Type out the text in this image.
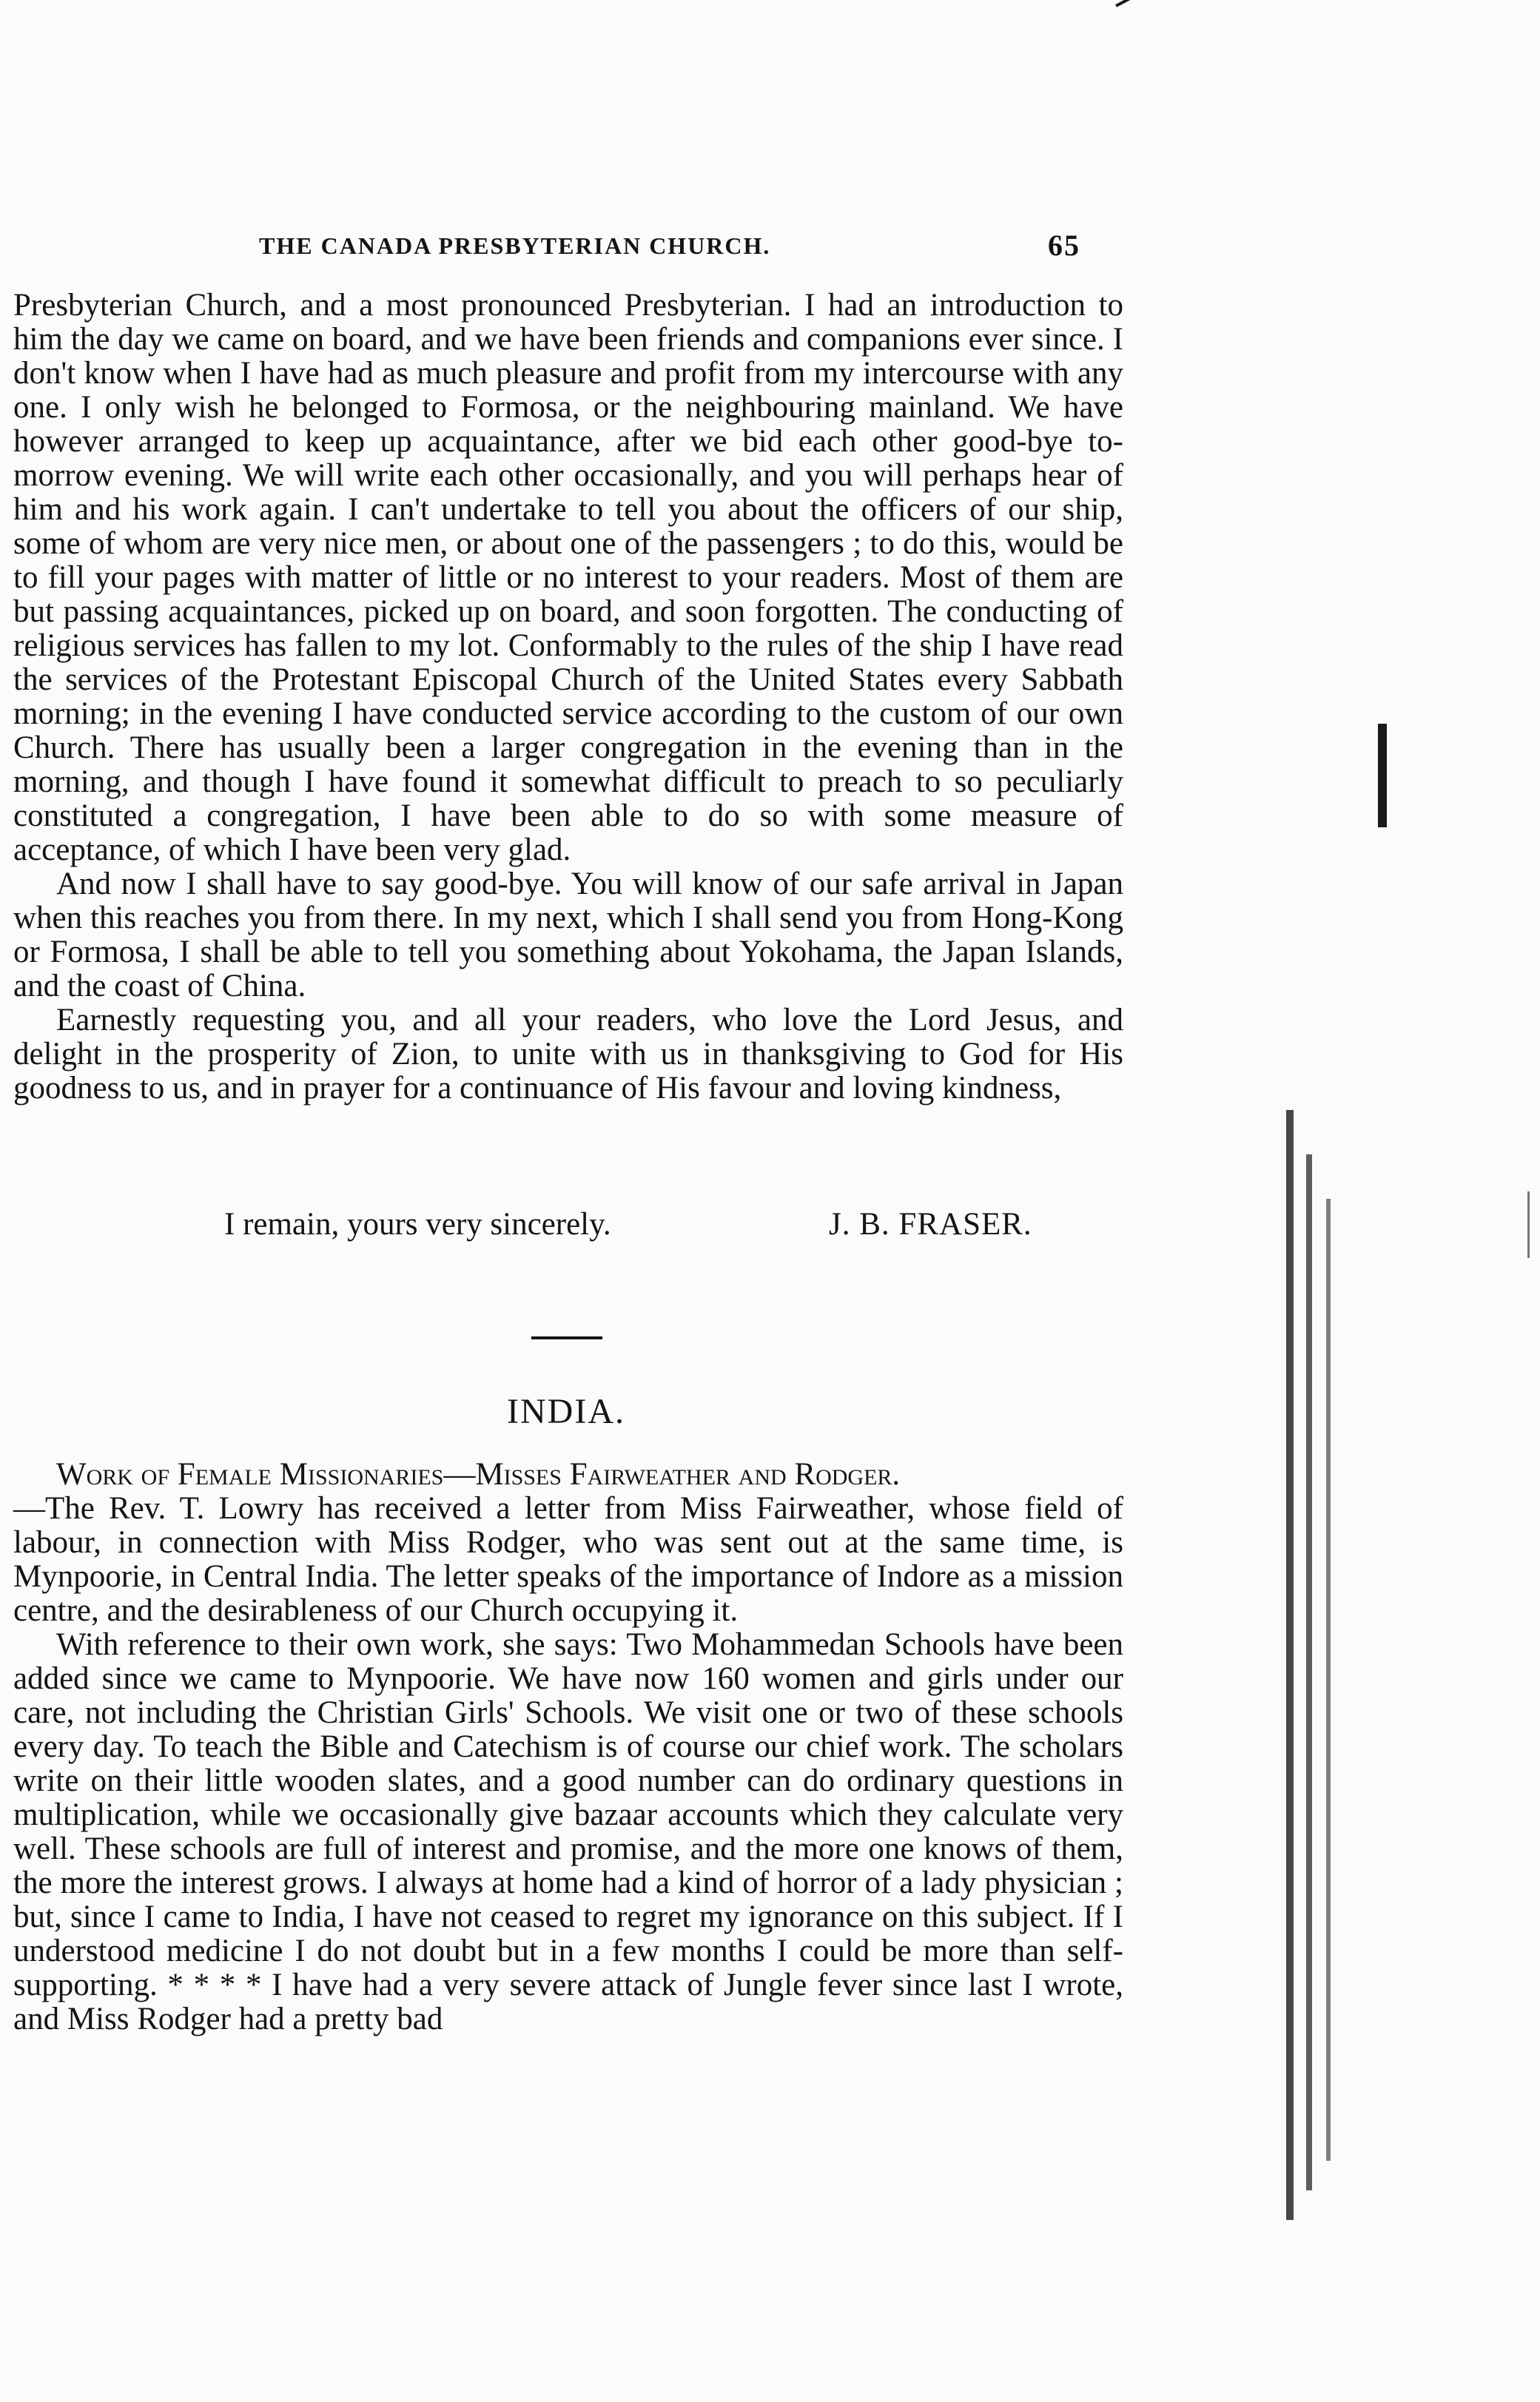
THE CANADA PRESBYTERIAN CHURCH.	65

Presbyterian Church, and a most pronounced Presbyterian. I had an introduction to him the day we came on board, and we have been friends and companions ever since. I don't know when I have had as much pleasure and profit from my intercourse with any one. I only wish he belonged to Formosa, or the neighbouring mainland. We have however arranged to keep up acquaintance, after we bid each other good-bye to-morrow evening. We will write each other occasionally, and you will perhaps hear of him and his work again. I can't undertake to tell you about the officers of our ship, some of whom are very nice men, or about one of the passengers ; to do this, would be to fill your pages with matter of little or no interest to your readers. Most of them are but passing acquaintances, picked up on board, and soon forgotten. The conducting of religious services has fallen to my lot. Conformably to the rules of the ship I have read the services of the Protestant Episcopal Church of the United States every Sabbath morning; in the evening I have conducted service according to the custom of our own Church. There has usually been a larger congregation in the evening than in the morning, and though I have found it somewhat difficult to preach to so peculiarly constituted a congregation, I have been able to do so with some measure of acceptance, of which I have been very glad.

And now I shall have to say good-bye. You will know of our safe arrival in Japan when this reaches you from there. In my next, which I shall send you from Hong-Kong or Formosa, I shall be able to tell you something about Yokohama, the Japan Islands, and the coast of China.

Earnestly requesting you, and all your readers, who love the Lord Jesus, and delight in the prosperity of Zion, to unite with us in thanksgiving to God for His goodness to us, and in prayer for a continuance of His favour and loving kindness,

I remain, yours very sincerely.	J. B. FRASER.
INDIA.

Work of Female Missionaries—Misses Fairweather and Rodger.

—The Rev. T. Lowry has received a letter from Miss Fairweather, whose field of labour, in connection with Miss Rodger, who was sent out at the same time, is Mynpoorie, in Central India. The letter speaks of the importance of Indore as a mission centre, and the desirableness of our Church occupying it.

With reference to their own work, she says: Two Mohammedan Schools have been added since we came to Mynpoorie. We have now 160 women and girls under our care, not including the Christian Girls' Schools. We visit one or two of these schools every day. To teach the Bible and Catechism is of course our chief work. The scholars write on their little wooden slates, and a good number can do ordinary questions in multiplication, while we occasionally give bazaar accounts which they calculate very well. These schools are full of interest and promise, and the more one knows of them, the more the interest grows. I always at home had a kind of horror of a lady physician ; but, since I came to India, I have not ceased to regret my ignorance on this subject. If I understood medicine I do not doubt but in a few months I could be more than self-supporting. * * * * I have had a very severe attack of Jungle fever since last I wrote, and Miss Rodger had a pretty bad
